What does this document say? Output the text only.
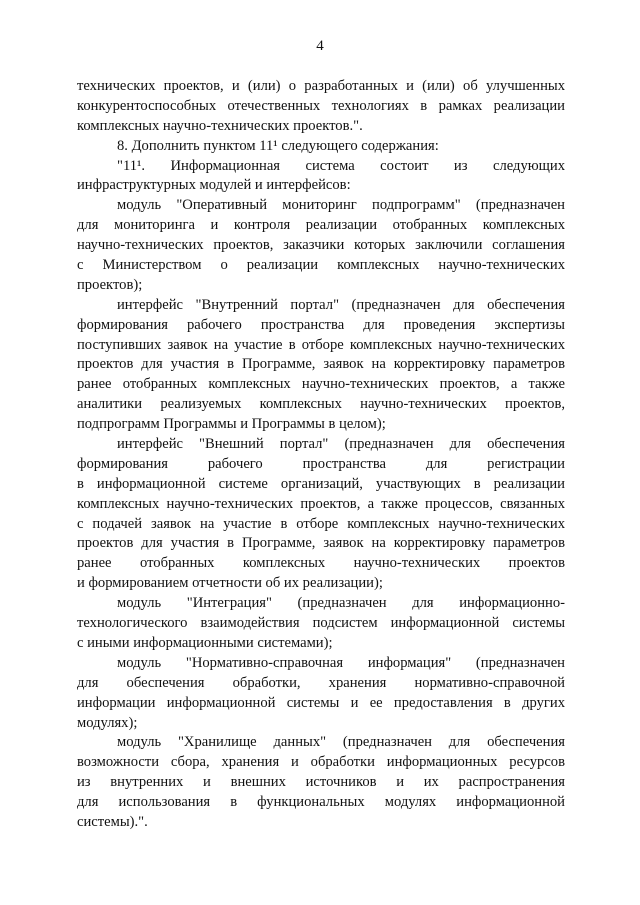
4
технических проектов, и (или) о разработанных и (или) об улучшенных
конкурентоспособных отечественных технологиях в рамках реализации
комплексных научно-технических проектов.".
8. Дополнить пунктом 11¹ следующего содержания:
"11¹. Информационная система состоит из следующих
инфраструктурных модулей и интерфейсов:
модуль "Оперативный мониторинг подпрограмм" (предназначен
для мониторинга и контроля реализации отобранных комплексных
научно-технических проектов, заказчики которых заключили соглашения
с Министерством о реализации комплексных научно-технических
проектов);
интерфейс "Внутренний портал" (предназначен для обеспечения
формирования рабочего пространства для проведения экспертизы
поступивших заявок на участие в отборе комплексных научно-технических
проектов для участия в Программе, заявок на корректировку параметров
ранее отобранных комплексных научно-технических проектов, а также
аналитики реализуемых комплексных научно-технических проектов,
подпрограмм Программы и Программы в целом);
интерфейс "Внешний портал" (предназначен для обеспечения
формирования рабочего пространства для регистрации
в информационной системе организаций, участвующих в реализации
комплексных научно-технических проектов, а также процессов, связанных
с подачей заявок на участие в отборе комплексных научно-технических
проектов для участия в Программе, заявок на корректировку параметров
ранее отобранных комплексных научно-технических проектов
и формированием отчетности об их реализации);
модуль "Интеграция" (предназначен для информационно-
технологического взаимодействия подсистем информационной системы
с иными информационными системами);
модуль "Нормативно-справочная информация" (предназначен
для обеспечения обработки, хранения нормативно-справочной
информации информационной системы и ее предоставления в других
модулях);
модуль "Хранилище данных" (предназначен для обеспечения
возможности сбора, хранения и обработки информационных ресурсов
из внутренних и внешних источников и их распространения
для использования в функциональных модулях информационной
системы).".
